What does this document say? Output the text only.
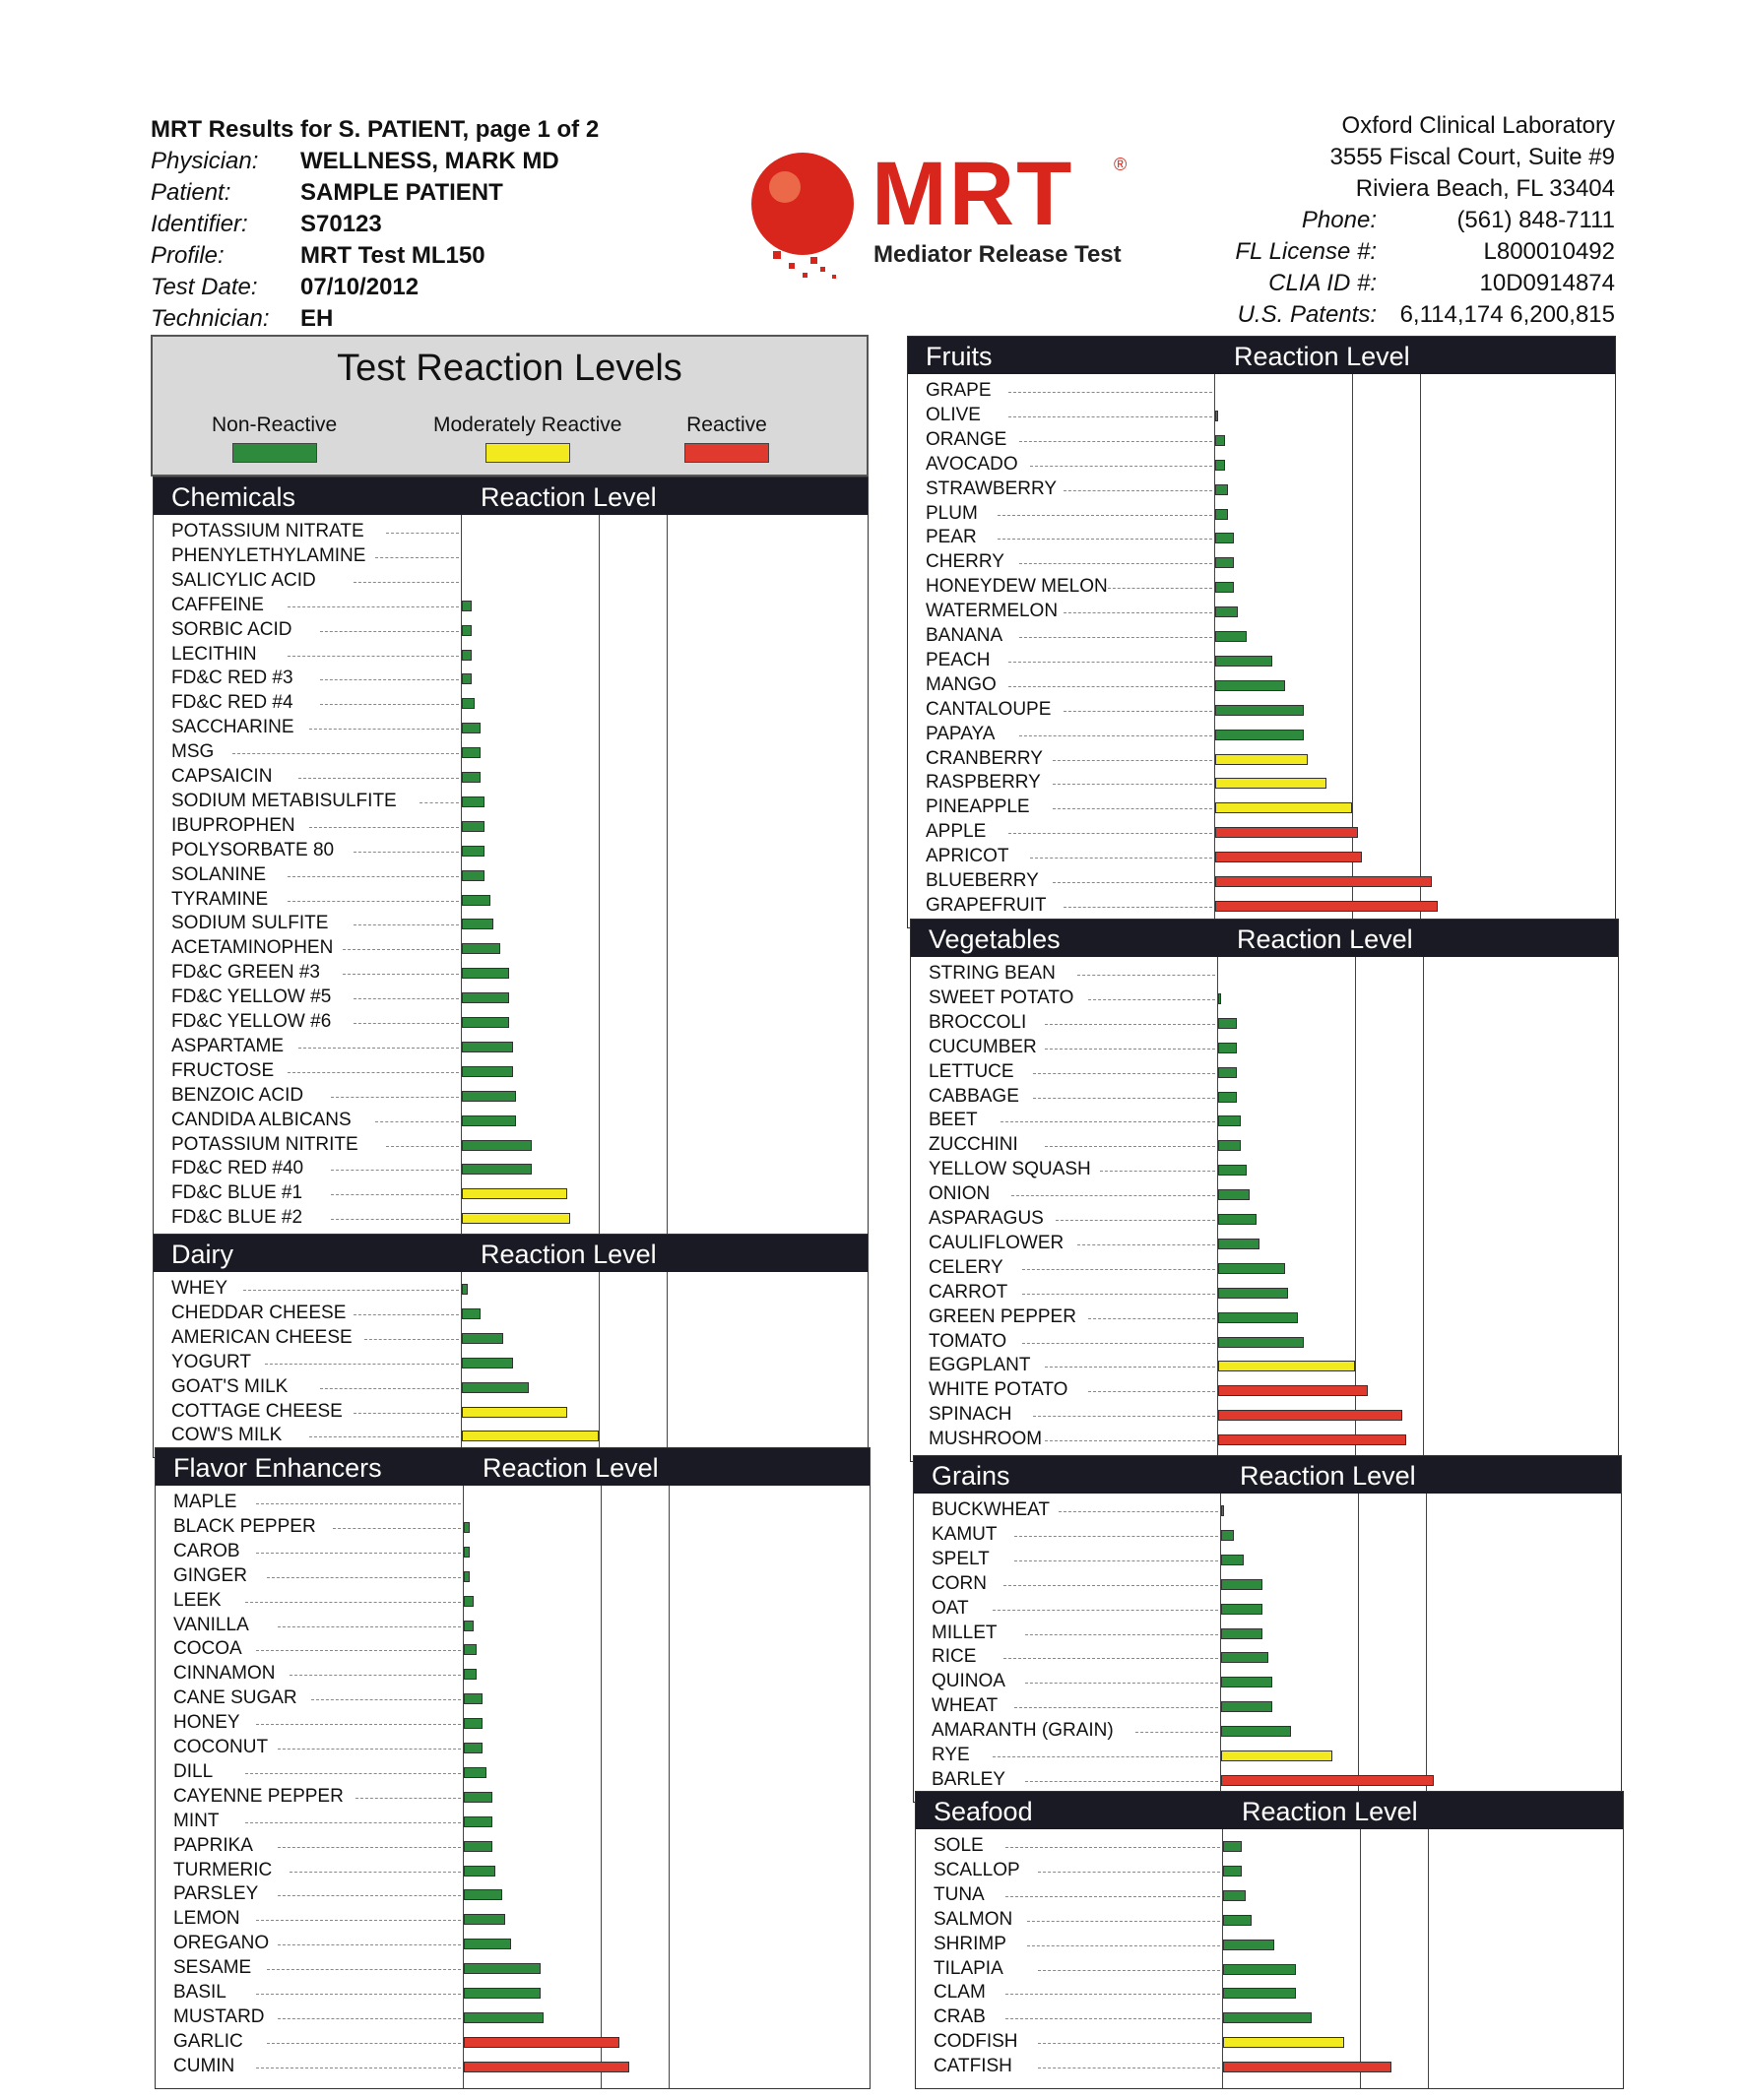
MRT Results for S. PATIENT, page 1 of 2
Physician: WELLNESS, MARK MD
Patient:	SAMPLE PATIENT
Identifier: S70123
Profile:	MRT Test ML150
Test Date: 07/10/2012
Technician: EH
MRT ®
Mediator Release Test
Oxford Clinical Laboratory
3555 Fiscal Court, Suite #9
Riviera Beach, FL 33404
Phone:	(561) 848-7111
FL License #:	L800010492
CLIA ID #:	10D0914874
U.S. Patents: 6,114,174 6,200,815
Test Reaction Levels
Non-Reactive	Moderately Reactive	Reactive
Chemicals	Reaction Level
POTASSIUM NITRATE
PHENYLETHYLAMINE
SALICYLIC ACID
CAFFEINE
SORBIC ACID
LECITHIN
FD&C RED #3
FD&C RED #4
SACCHARINE
MSG
CAPSAICIN
SODIUM METABISULFITE
IBUPROPHEN
POLYSORBATE 80
SOLANINE
TYRAMINE
SODIUM SULFITE
ACETAMINOPHEN
FD&C GREEN #3
FD&C YELLOW #5
FD&C YELLOW #6
ASPARTAME
FRUCTOSE
BENZOIC ACID
CANDIDA ALBICANS
POTASSIUM NITRITE
FD&C RED #40
FD&C BLUE #1
FD&C BLUE #2
Dairy	Reaction Level
WHEY
CHEDDAR CHEESE
AMERICAN CHEESE
YOGURT
GOAT'S MILK
COTTAGE CHEESE
COW'S MILK
Flavor Enhancers	Reaction Level
MAPLE
BLACK PEPPER
CAROB
GINGER
LEEK
VANILLA
COCOA
CINNAMON
CANE SUGAR
HONEY
COCONUT
DILL
CAYENNE PEPPER
MINT
PAPRIKA
TURMERIC
PARSLEY
LEMON
OREGANO
SESAME
BASIL
MUSTARD
GARLIC
CUMIN
Fruits	Reaction Level
GRAPE
OLIVE
ORANGE
AVOCADO
STRAWBERRY
PLUM
PEAR
CHERRY
HONEYDEW MELON
WATERMELON
BANANA
PEACH
MANGO
CANTALOUPE
PAPAYA
CRANBERRY
RASPBERRY
PINEAPPLE
APPLE
APRICOT
BLUEBERRY
GRAPEFRUIT
Vegetables	Reaction Level
STRING BEAN
SWEET POTATO
BROCCOLI
CUCUMBER
LETTUCE
CABBAGE
BEET
ZUCCHINI
YELLOW SQUASH
ONION
ASPARAGUS
CAULIFLOWER
CELERY
CARROT
GREEN PEPPER
TOMATO
EGGPLANT
WHITE POTATO
SPINACH
MUSHROOM
Grains	Reaction Level
BUCKWHEAT
KAMUT
SPELT
CORN
OAT
MILLET
RICE
QUINOA
WHEAT
AMARANTH (GRAIN)
RYE
BARLEY
Seafood	Reaction Level
SOLE
SCALLOP
TUNA
SALMON
SHRIMP
TILAPIA
CLAM
CRAB
CODFISH
CATFISH
